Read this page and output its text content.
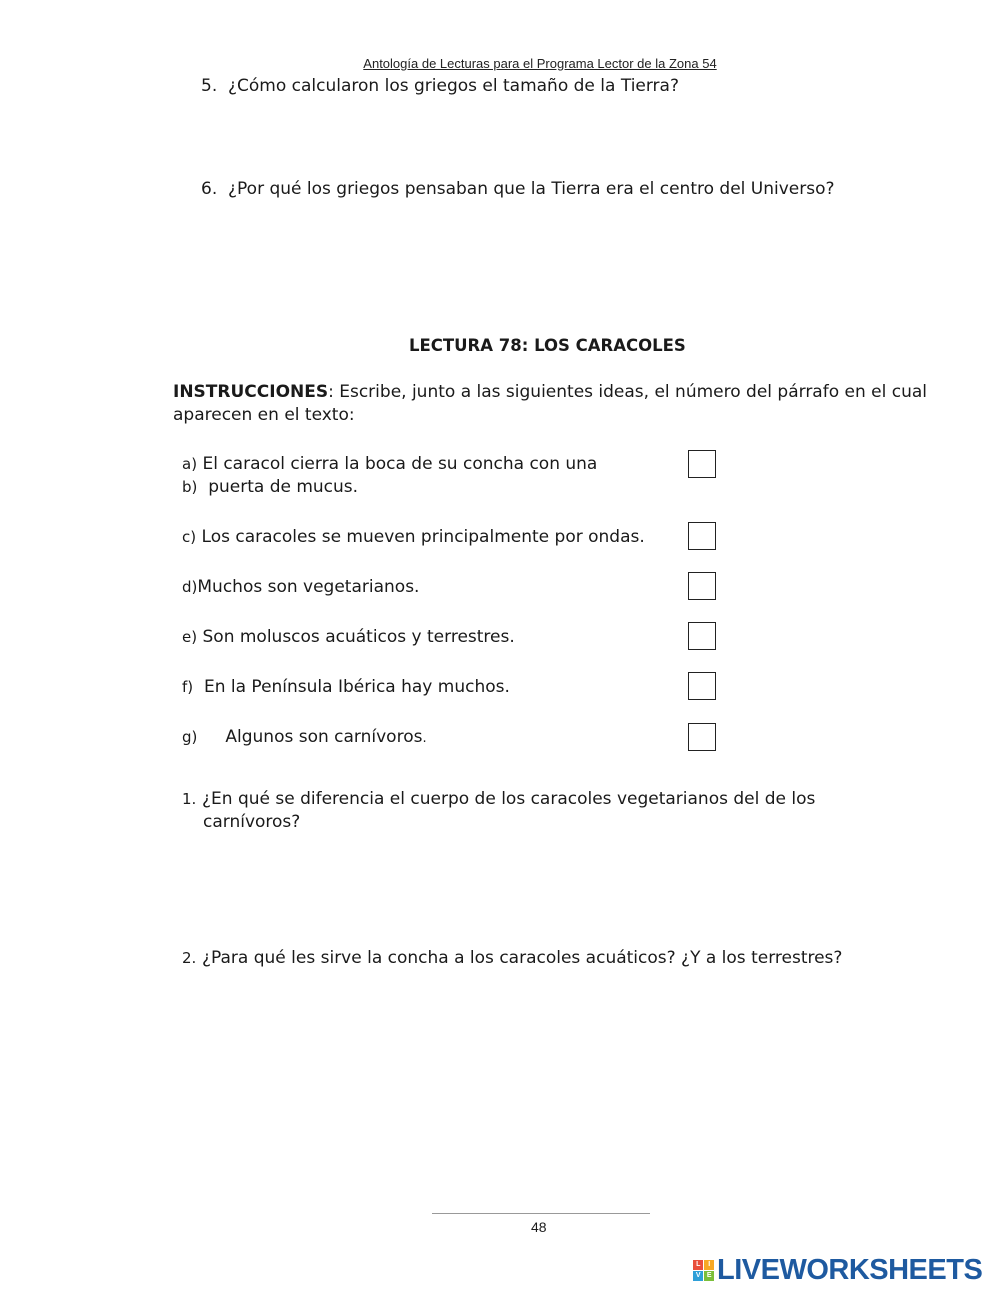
Antología de Lecturas para el Programa Lector de la Zona 54
5. ¿Cómo calcularon los griegos el tamaño de la Tierra?
6. ¿Por qué los griegos pensaban que la Tierra era el centro del Universo?
LECTURA 78: LOS CARACOLES
INSTRUCCIONES: Escribe, junto a las siguientes ideas, el número del párrafo en el cual aparecen en el texto:
a) El caracol cierra la boca de su concha con una
b) puerta de mucus.
c) Los caracoles se mueven principalmente por ondas.
d)Muchos son vegetarianos.
e) Son moluscos acuáticos y terrestres.
f) En la Península Ibérica hay muchos.
g) Algunos son carnívoros.
1. ¿En qué se diferencia el cuerpo de los caracoles vegetarianos del de los
carnívoros?
2. ¿Para qué les sirve la concha a los caracoles acuáticos? ¿Y a los terrestres?
48
L	I
V E LIVEWORKSHEETS
